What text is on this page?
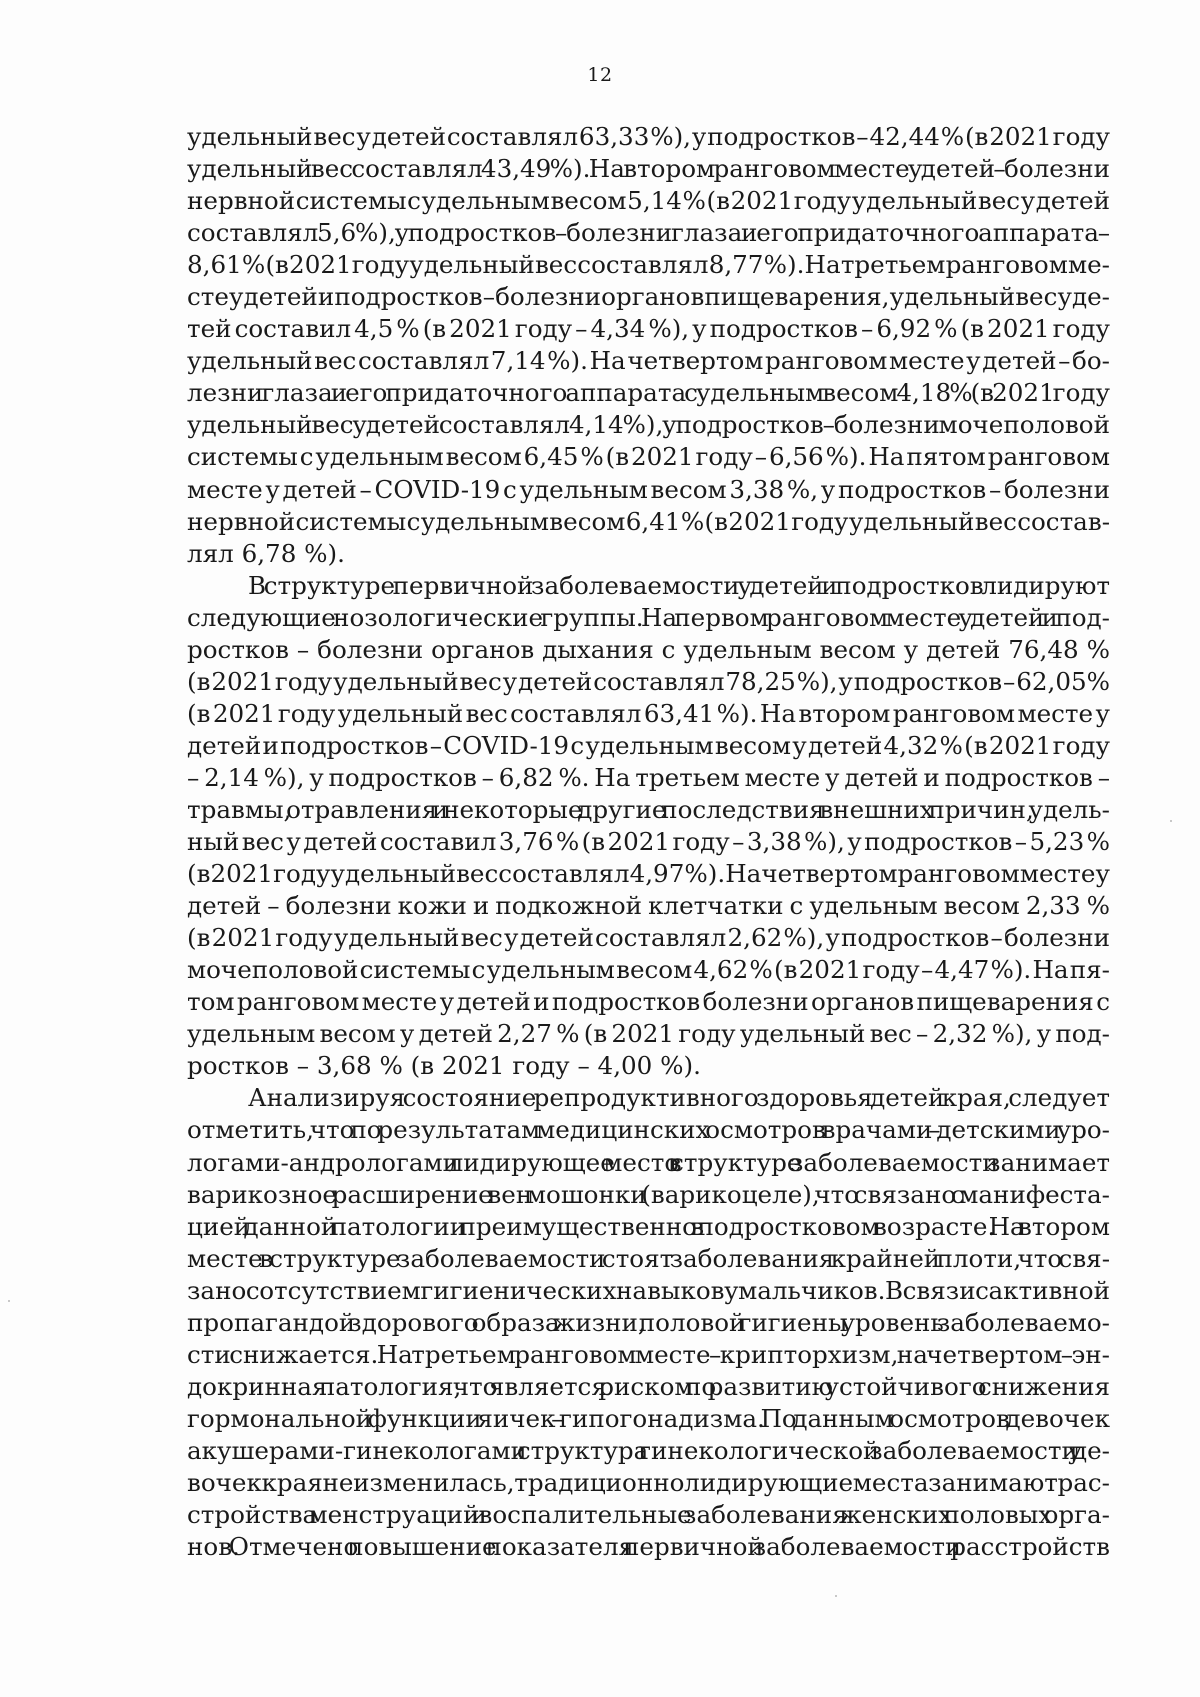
12
удельный вес у детей составлял 63,33 %), у подростков – 42,44 % (в 2021 году
удельный вес составлял 43,49 %). На втором ранговом месте у детей – болезни
нервной системы с удельным весом 5,14 % (в 2021 году удельный вес у детей
составлял 5,6 %), у подростков – болезни глаза и его придаточного аппарата –
8,61 % (в 2021 году удельный вес составлял 8,77 %). На третьем ранговом ме-
сте у детей и подростков – болезни органов пищеварения, удельный вес у де-
тей составил 4,5 % (в 2021 году – 4,34 %), у подростков – 6,92 % (в 2021 году
удельный вес составлял 7,14 %). На четвертом ранговом месте у детей – бо-
лезни глаза и его придаточного аппарата с удельным весом 4,18 % (в 2021 году
удельный вес у детей составлял 4,14 %), у подростков – болезни мочеполовой
системы с удельным весом 6,45 % (в 2021 году – 6,56 %). На пятом ранговом
месте у детей – COVID-19 с удельным весом 3,38 %, у подростков – болезни
нервной системы с удельным весом 6,41 % (в 2021 году удельный вес состав-
лял 6,78 %).
В структуре первичной заболеваемости у детей и подростков лидируют
следующие нозологические группы. На первом ранговом месте у детей и под-
ростков – болезни органов дыхания с удельным весом у детей 76,48 %
(в 2021 году удельный вес у детей составлял 78,25 %), у подростков – 62,05%
(в 2021 году удельный вес составлял 63,41 %). На втором ранговом месте у
детей и подростков – COVID-19 с удельным весом у детей 4,32 % (в 2021 году
– 2,14 %), у подростков – 6,82 %. На третьем месте у детей и подростков –
травмы, отравления и некоторые другие последствия внешних причин, удель-
ный вес у детей составил 3,76 % (в 2021 году – 3,38 %), у подростков – 5,23 %
(в 2021 году удельный вес составлял 4,97 %). На четвертом ранговом месте у
детей – болезни кожи и подкожной клетчатки с удельным весом 2,33 %
(в 2021 году удельный вес у детей составлял 2,62 %), у подростков – болезни
мочеполовой системы с удельным весом 4,62 % (в 2021 году – 4,47 %). На пя-
том ранговом месте у детей и подростков болезни органов пищеварения с
удельным весом у детей 2,27 % (в 2021 году удельный вес – 2,32 %), у под-
ростков – 3,68 % (в 2021 году – 4,00 %).
Анализируя состояние репродуктивного здоровья детей края, следует
отметить, что по результатам медицинских осмотров врачами – детскими уро-
логами-андрологами лидирующее место в структуре заболеваемости занимает
варикозное расширение вен мошонки (варикоцеле), что связано с манифеста-
цией данной патологии преимущественно в подростковом возрасте. На втором
месте в структуре заболеваемости стоят заболевания крайней плоти, что свя-
зано с отсутствием гигиенических навыков у мальчиков. В связи с активной
пропагандой здорового образа жизни, половой гигиены уровень заболеваемо-
сти снижается. На третьем ранговом месте – крипторхизм, на четвертом – эн-
докринная патология, что является риском по развитию устойчивого снижения
гормональной функции яичек – гипогонадизма. По данным осмотров девочек
акушерами-гинекологами структура гинекологической заболеваемости у де-
вочек края не изменилась, традиционно лидирующие места занимают рас-
стройства менструаций и воспалительные заболевания женских половых орга-
нов. Отмечено повышение показателя первичной заболеваемости расстройств
